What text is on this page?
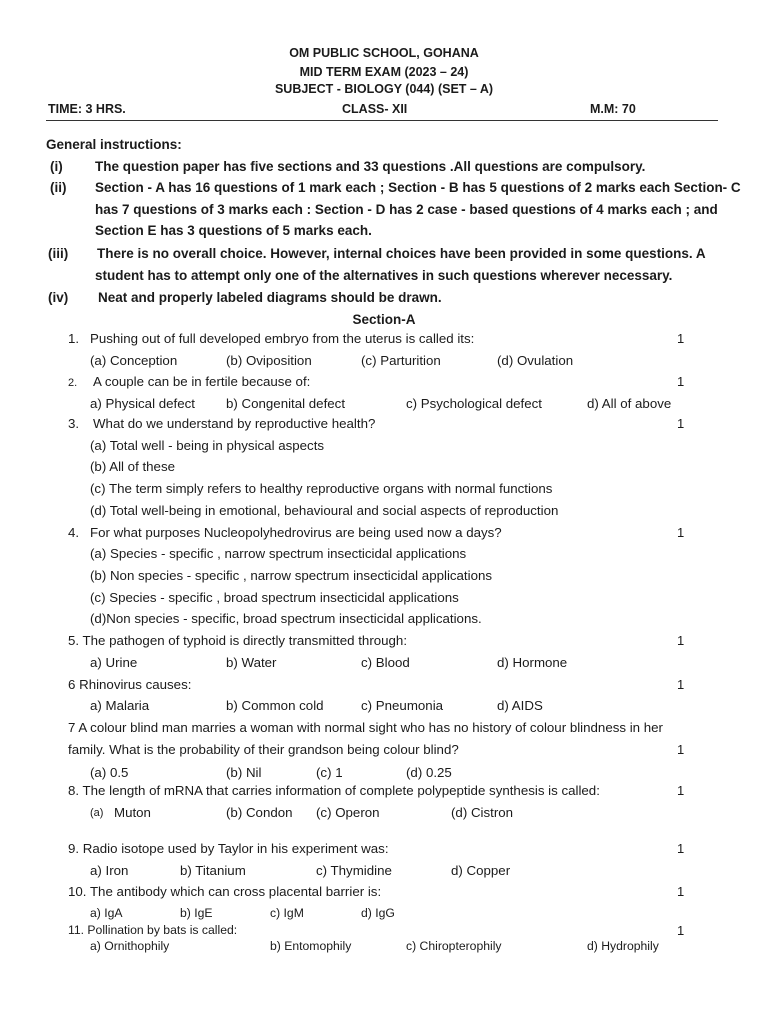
OM PUBLIC SCHOOL, GOHANA
MID TERM EXAM (2023 – 24)
SUBJECT - BIOLOGY (044) (SET – A)
TIME: 3 HRS.	CLASS- XII	M.M: 70
General instructions:
(i) The question paper has five sections and 33 questions .All questions are compulsory.
(ii) Section - A has 16 questions of 1 mark each ; Section - B has 5 questions of 2 marks each Section- C
has 7 questions of 3 marks each : Section - D has 2 case - based questions of 4 marks each ; and
Section E has 3 questions of 5 marks each.
(iii) There is no overall choice. However, internal choices have been provided in some questions. A
student has to attempt only one of the alternatives in such questions wherever necessary.
(iv) Neat and properly labeled diagrams should be drawn.
Section-A
1. Pushing out of full developed embryo from the uterus is called its:	1
(a) Conception	(b) Oviposition	(c) Parturition	(d) Ovulation
2. A couple can be in fertile because of:	1
a) Physical defect b) Congenital defect	c) Psychological defect	d) All of above
3. What do we understand by reproductive health?	1
(a) Total well - being in physical aspects
(b) All of these
(c) The term simply refers to healthy reproductive organs with normal functions
(d) Total well-being in emotional, behavioural and social aspects of reproduction
4. For what purposes Nucleopolyhedrovirus are being used now a days?	1
(a) Species - specific , narrow spectrum insecticidal applications
(b) Non species - specific , narrow spectrum insecticidal applications
(c) Species - specific , broad spectrum insecticidal applications
(d)Non species - specific, broad spectrum insecticidal applications.
5. The pathogen of typhoid is directly transmitted through:	1
a) Urine	b) Water	c) Blood	d) Hormone
6 Rhinovirus causes:	1
a) Malaria	b) Common cold	c) Pneumonia	d) AIDS
7 A colour blind man marries a woman with normal sight who has no history of colour blindness in her
family. What is the probability of their grandson being colour blind?	1
(a) 0.5	(b) Nil	(c) 1	(d) 0.25
8. The length of mRNA that carries information of complete polypeptide synthesis is called:	1
(a) Muton	(b) Condon (c) Operon	(d) Cistron
9. Radio isotope used by Taylor in his experiment was:	1
a) Iron	b) Titanium	c) Thymidine	d) Copper
10. The antibody which can cross placental barrier is:	1
a) IgA	b) IgE	c) IgM	d) IgG
11. Pollination by bats is called:	1
a) Ornithophily	b) Entomophily	c) Chiropterophily	d) Hydrophily
